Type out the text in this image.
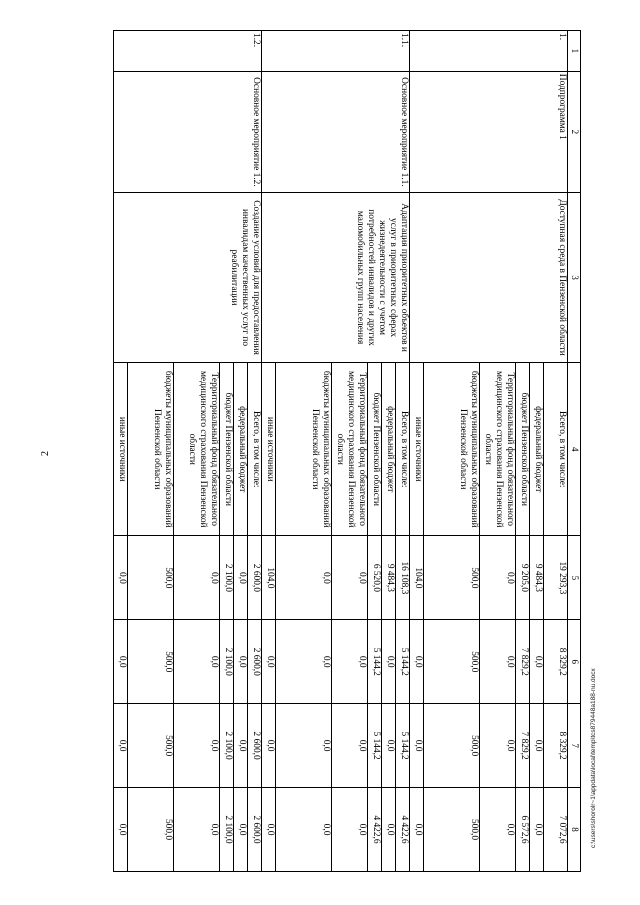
2
1	2	3	4	5	6	7	8
1.	Подпрограмма 1	Доступная среда в Пензенской области	Всего, в том числе:	19 293,3	8 329,2	8 329,2	7 072,6
			федеральный бюджет	9 484,3	0,0	0,0	0,0
			бюджет Пензенской области	9 205,0	7 829,2	7 829,2	6 572,6
			Территориальный фонд обязательного медицинского страхования Пензенской области	0,0	0,0	0,0	0,0
			бюджеты муниципальных образований Пензенской области	500,0	500,0	500,0	500,0
			иные источники	104,0	0,0	0,0	0,0
1.1.	Основное мероприятие 1.1.	Адаптация приоритетных объектов и услуг в приоритетных сферах жизнедеятельности с учетом потребностей инвалидов и других маломобильных групп населения	Всего, в том числе:	16 108,3	5 144,2	5 144,2	4 422,6
			федеральный бюджет	9 484,3	0,0	0,0	0,0
			бюджет Пензенской области	6 520,0	5 144,2	5 144,2	4 422,6
			Территориальный фонд обязательного медицинского страхования Пензенской области	0,0	0,0	0,0	0,0
			бюджеты муниципальных образований Пензенской области	0,0	0,0	0,0	0,0
			иные источники	104,0	0,0	0,0	0,0
1.2.	Основное мероприятие 1.2.	Создание условий для предоставления инвалидам качественных услуг по реабилитации	Всего, в том числе:	2 600,0	2 600,0	2 600,0	2 600,0
			федеральный бюджет	0,0	0,0	0,0	0,0
			бюджет Пензенской области	2 100,0	2 100,0	2 100,0	2 100,0
			Территориальный фонд обязательного медицинского страхования Пензенской области	0,0	0,0	0,0	0,0
			бюджеты муниципальных образований Пензенской области	500,0	500,0	500,0	500,0
			иные источники	0,0	0,0	0,0	0,0	c:\users\shorolr~1\appdata\local\temp\tcs879448a188-nu.docx
